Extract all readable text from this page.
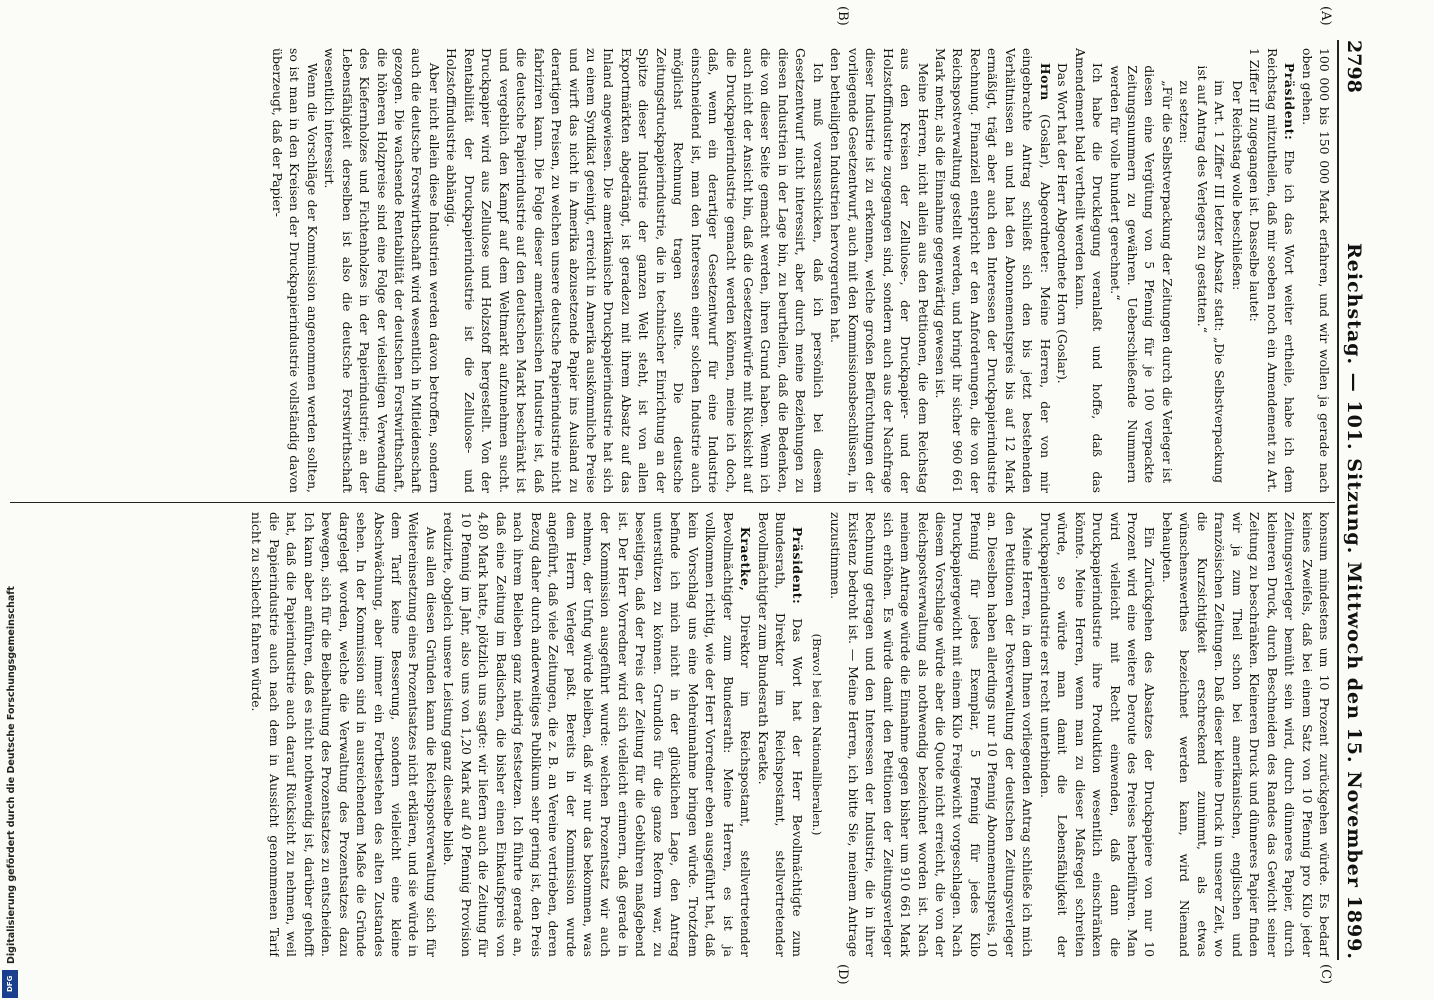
2798
Reichstag. — 101. Sitzung. Mittwoch den 15. November 1899.
(A)
(B)
(C)
(D)

100 000 bis 150 000 Mark erfahren, und wir wollen ja gerade nach oben gehen.

Präsident: Ehe ich das Wort weiter ertheile, habe ich dem Reichstag mitzutheilen, daß mir soeben noch ein Amendement zu Art. 1 Ziffer III zugegangen ist. Dasselbe lautet:

Der Reichstag wolle beschließen:

im Art. 1 Ziffer III letzter Absatz statt: „Die Selbstverpackung ist auf Antrag des Verlegers zu gestatten.“

zu setzen:

„Für die Selbstverpackung der Zeitungen durch die Verleger ist diesen eine Vergütung von 5 Pfennig für je 100 verpackte Zeitungsnummern zu gewähren. Ueberschießende Nummern werden für volle hundert gerechnet.“

Ich habe die Drucklegung veranlaßt und hoffe, daß das Amendement bald vertheilt werden kann.

Das Wort hat der Herr Abgeordnete Horn (Goslar).

Horn (Goslar), Abgeordneter: Meine Herren, der von mir eingebrachte Antrag schließt sich den bis jetzt bestehenden Verhältnissen an und hat den Abonnementspreis bis auf 12 Mark ermäßigt, trägt aber auch den Interessen der Druckpapierindustrie Rechnung. Finanziell entspricht er den Anforderungen, die von der Reichspostverwaltung gestellt werden, und bringt ihr sicher 960 661 Mark mehr, als die Einnahme gegenwärtig gewesen ist.

Meine Herren, nicht allein aus den Petitionen, die dem Reichstag aus den Kreisen der Zellulose-, der Druckpapier- und der Holzstoffindustrie zugegangen sind, sondern auch aus der Nachfrage dieser Industrie ist zu erkennen, welche großen Befürchtungen der vorliegende Gesetzentwurf, auch mit den Kommissionsbeschlüssen, in den betheiligten Industrien hervorgerufen hat.

Ich muß vorausschicken, daß ich persönlich bei diesem Gesetzentwurf nicht interessirt, aber durch meine Beziehungen zu diesen Industrien in der Lage bin, zu beurtheilen, daß die Bedenken, die von dieser Seite gemacht werden, ihren Grund haben. Wenn ich auch nicht der Ansicht bin, daß die Gesetzentwürfe mit Rücksicht auf die Druckpapierindustrie gemacht werden können, meine ich doch, daß, wenn ein derartiger Gesetzentwurf für eine Industrie einschneidend ist, man den Interessen einer solchen Industrie auch möglichst Rechnung tragen sollte. Die deutsche Zeitungsdruckpapierindustrie, die in technischer Einrichtung an der Spitze dieser Industrie der ganzen Welt steht, ist von allen Exportmärkten abgedrängt, ist geradezu mit ihrem Absatz auf das Inland angewiesen. Die amerikanische Druckpapierindustrie hat sich zu einem Syndikat geeinigt, erreicht in Amerika auskömmliche Preise und wirft das nicht in Amerika abzusetzende Papier ins Ausland zu derartigen Preisen, zu welchen unsere deutsche Papierindustrie nicht fabriziren kann. Die Folge dieser amerikanischen Industrie ist, daß die deutsche Papierindustrie auf den deutschen Markt beschränkt ist und vergeblich den Kampf auf dem Weltmarkt aufzunehmen sucht. Druckpapier wird aus Zellulose und Holzstoff hergestellt. Von der Rentabilität der Druckpapierindustrie ist die Zellulose- und Holzstoffindustrie abhängig.

Aber nicht allein diese Industrien werden davon betroffen, sondern auch die deutsche Forstwirthschaft wird wesentlich in Mitleidenschaft gezogen. Die wachsende Rentabilität der deutschen Forstwirthschaft, die höheren Holzpreise sind eine Folge der vielseitigen Verwendung des Kiefernholzes und Fichtenholzes in der Papierindustrie; an der Lebensfähigkeit derselben ist also die deutsche Forstwirthschaft wesentlich interessirt.

Wenn die Vorschläge der Kommission angenommen werden sollten, so ist man in den Kreisen der Druckpapierindustrie vollständig davon überzeugt, daß der Papier-

konsum mindestens um 10 Prozent zurückgehen würde. Es bedarf keines Zweifels, daß bei einem Satz von 10 Pfennig pro Kilo jeder Zeitungsverleger bemüht sein wird, durch dünneres Papier, durch kleineren Druck, durch Beschneiden des Randes das Gewicht seiner Zeitung zu beschränken. Kleineren Druck und dünneres Papier finden wir ja zum Theil schon bei amerikanischen, englischen und französischen Zeitungen. Daß dieser kleine Druck in unserer Zeit, wo die Kurzsichtigkeit erschreckend zunimmt, als etwas wünschenswerthes bezeichnet werden kann, wird Niemand behaupten.

Ein Zurückgehen des Absatzes der Druckpapiere von nur 10 Prozent wird eine weitere Deroute des Preises herbeiführen. Man wird vielleicht mit Recht einwenden, daß dann die Druckpapierindustrie ihre Produktion wesentlich einschränken könnte. Meine Herren, wenn man zu dieser Maßregel schreiten würde, so würde man damit die Lebensfähigkeit der Druckpapierindustrie erst recht unterbinden.

Meine Herren, in dem Ihnen vorliegenden Antrag schließe ich mich den Petitionen der Postverwaltung der deutschen Zeitungsverleger an. Dieselben haben allerdings nur 10 Pfennig Abonnementspreis, 10 Pfennig für jedes Exemplar, 5 Pfennig für jedes Kilo Druckpapiergewicht mit einem Kilo Freigewicht vorgeschlagen. Nach diesem Vorschlage würde aber die Quote nicht erreicht, die von der Reichspostverwaltung als nothwendig bezeichnet worden ist. Nach meinem Antrage würde die Einnahme gegen bisher um 910 661 Mark sich erhöhen. Es würde damit den Petitionen der Zeitungsverleger Rechnung getragen und den Interessen der Industrie, die in ihrer Existenz bedroht ist. — Meine Herren, ich bitte Sie, meinem Antrage zuzustimmen.

(Bravo! bei den Nationalliberalen.)

Präsident: Das Wort hat der Herr Bevollmächtigte zum Bundesrath, Direktor im Reichspostamt, stellvertretender Bevollmächtigter zum Bundesrath Kraetke.

Kraetke, Direktor im Reichspostamt, stellvertretender Bevollmächtigter zum Bundesrath: Meine Herren, es ist ja vollkommen richtig, wie der Herr Vorredner eben ausgeführt hat, daß kein Vorschlag uns eine Mehreinnahme bringen würde. Trotzdem befinde ich mich nicht in der glücklichen Lage, den Antrag unterstützen zu können. Grundlos für die ganze Reform war, zu beseitigen, daß der Preis der Zeitung für die Gebühren maßgebend ist. Der Herr Vorredner wird sich vielleicht erinnern, daß gerade in der Kommission ausgeführt wurde: welchen Prozentsatz wir auch nehmen, der Unfug würde bleiben, daß wir nur das bekommen, was dem Herrn Verleger paßt. Bereits in der Kommission wurde angeführt, daß viele Zeitungen, die z. B. an Vereine vertrieben, deren Bezug daher durch anderweitiges Publikum sehr gering ist, den Preis nach ihrem Belieben ganz niedrig festsetzen. Ich führte gerade an, daß eine Zeitung im Badischen, die bisher einen Einkaufspreis von 4,80 Mark hatte, plötzlich uns sagte: wir liefern auch die Zeitung für 10 Pfennig im Jahr, also uns von 1,20 Mark auf 40 Pfennig Provision reduzirte, obgleich unsere Leistung ganz dieselbe blieb.

Aus allen diesen Gründen kann die Reichspostverwaltung sich für Weitereinsetzung eines Prozentsatzes nicht erklären, und sie würde in dem Tarif keine Besserung, sondern vielleicht eine kleine Abschwächung, aber immer ein Fortbestehen des alten Zustandes sehen. In der Kommission sind in ausreichendem Maße die Gründe dargelegt worden, welche die Verwaltung des Prozentsatzes dazu bewegen, sich für die Beibehaltung des Prozentsatzes zu entscheiden. Ich kann aber anführen, daß es nicht nothwendig ist, darüber gehofft hat, daß die Papierindustrie auch darauf Rücksicht zu nehmen, weil die Papierindustrie auch nach dem in Aussicht genommenen Tarif nicht zu schlecht fahren würde.

Digitalisierung gefördert durch die Deutsche Forschungsgemeinschaft
DFG
